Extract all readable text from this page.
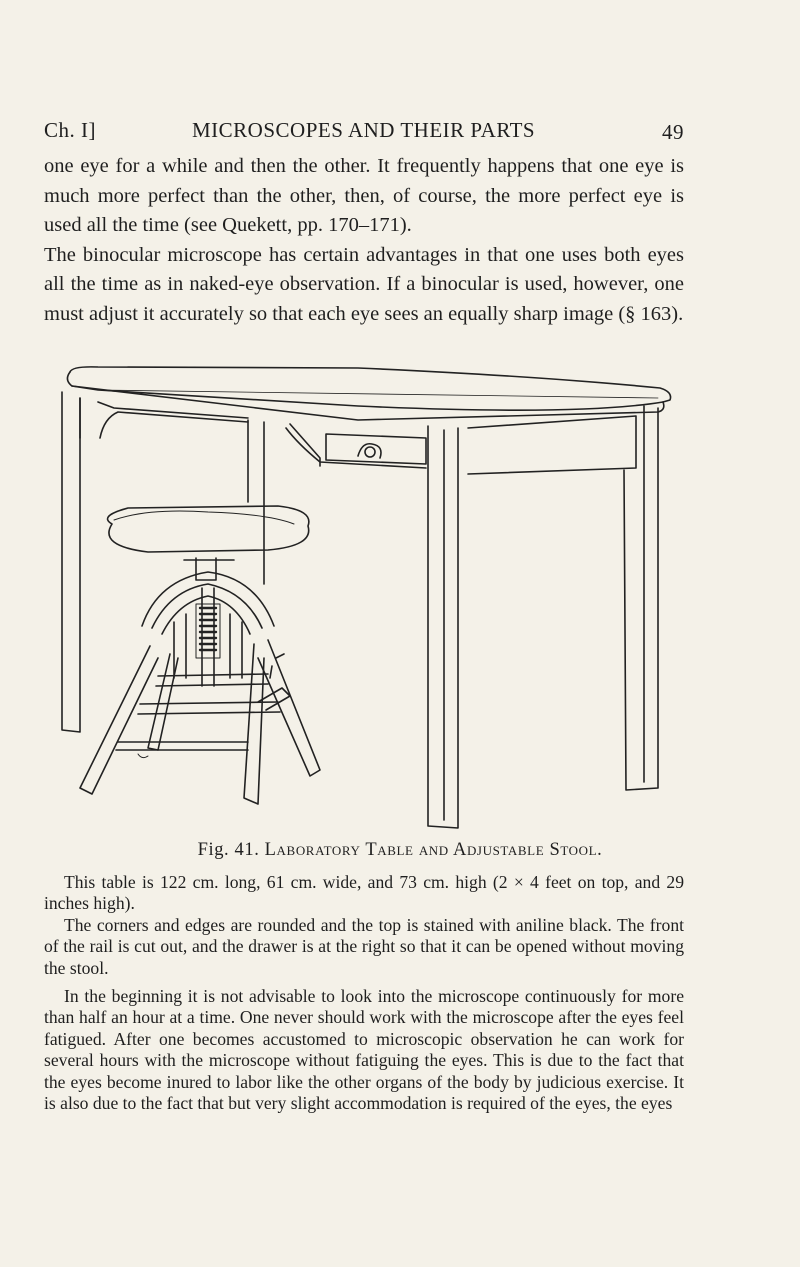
Ch. I]	MICROSCOPES AND THEIR PARTS	49

one eye for a while and then the other. It frequently happens that one eye is much more perfect than the other, then, of course, the more perfect eye is used all the time (see Quekett, pp. 170–171).

The binocular microscope has certain advantages in that one uses both eyes all the time as in naked-eye observation. If a binocular is used, however, one must adjust it accurately so that each eye sees an equally sharp image (§ 163).

Fig. 41. Laboratory Table and Adjustable Stool.

This table is 122 cm. long, 61 cm. wide, and 73 cm. high (2 × 4 feet on top, and 29 inches high).

The corners and edges are rounded and the top is stained with aniline black. The front of the rail is cut out, and the drawer is at the right so that it can be opened without moving the stool.

In the beginning it is not advisable to look into the microscope continuously for more than half an hour at a time. One never should work with the microscope after the eyes feel fatigued. After one becomes accustomed to microscopic observation he can work for several hours with the microscope without fatiguing the eyes. This is due to the fact that the eyes become inured to labor like the other organs of the body by judicious exercise. It is also due to the fact that but very slight accommodation is required of the eyes, the eyes
